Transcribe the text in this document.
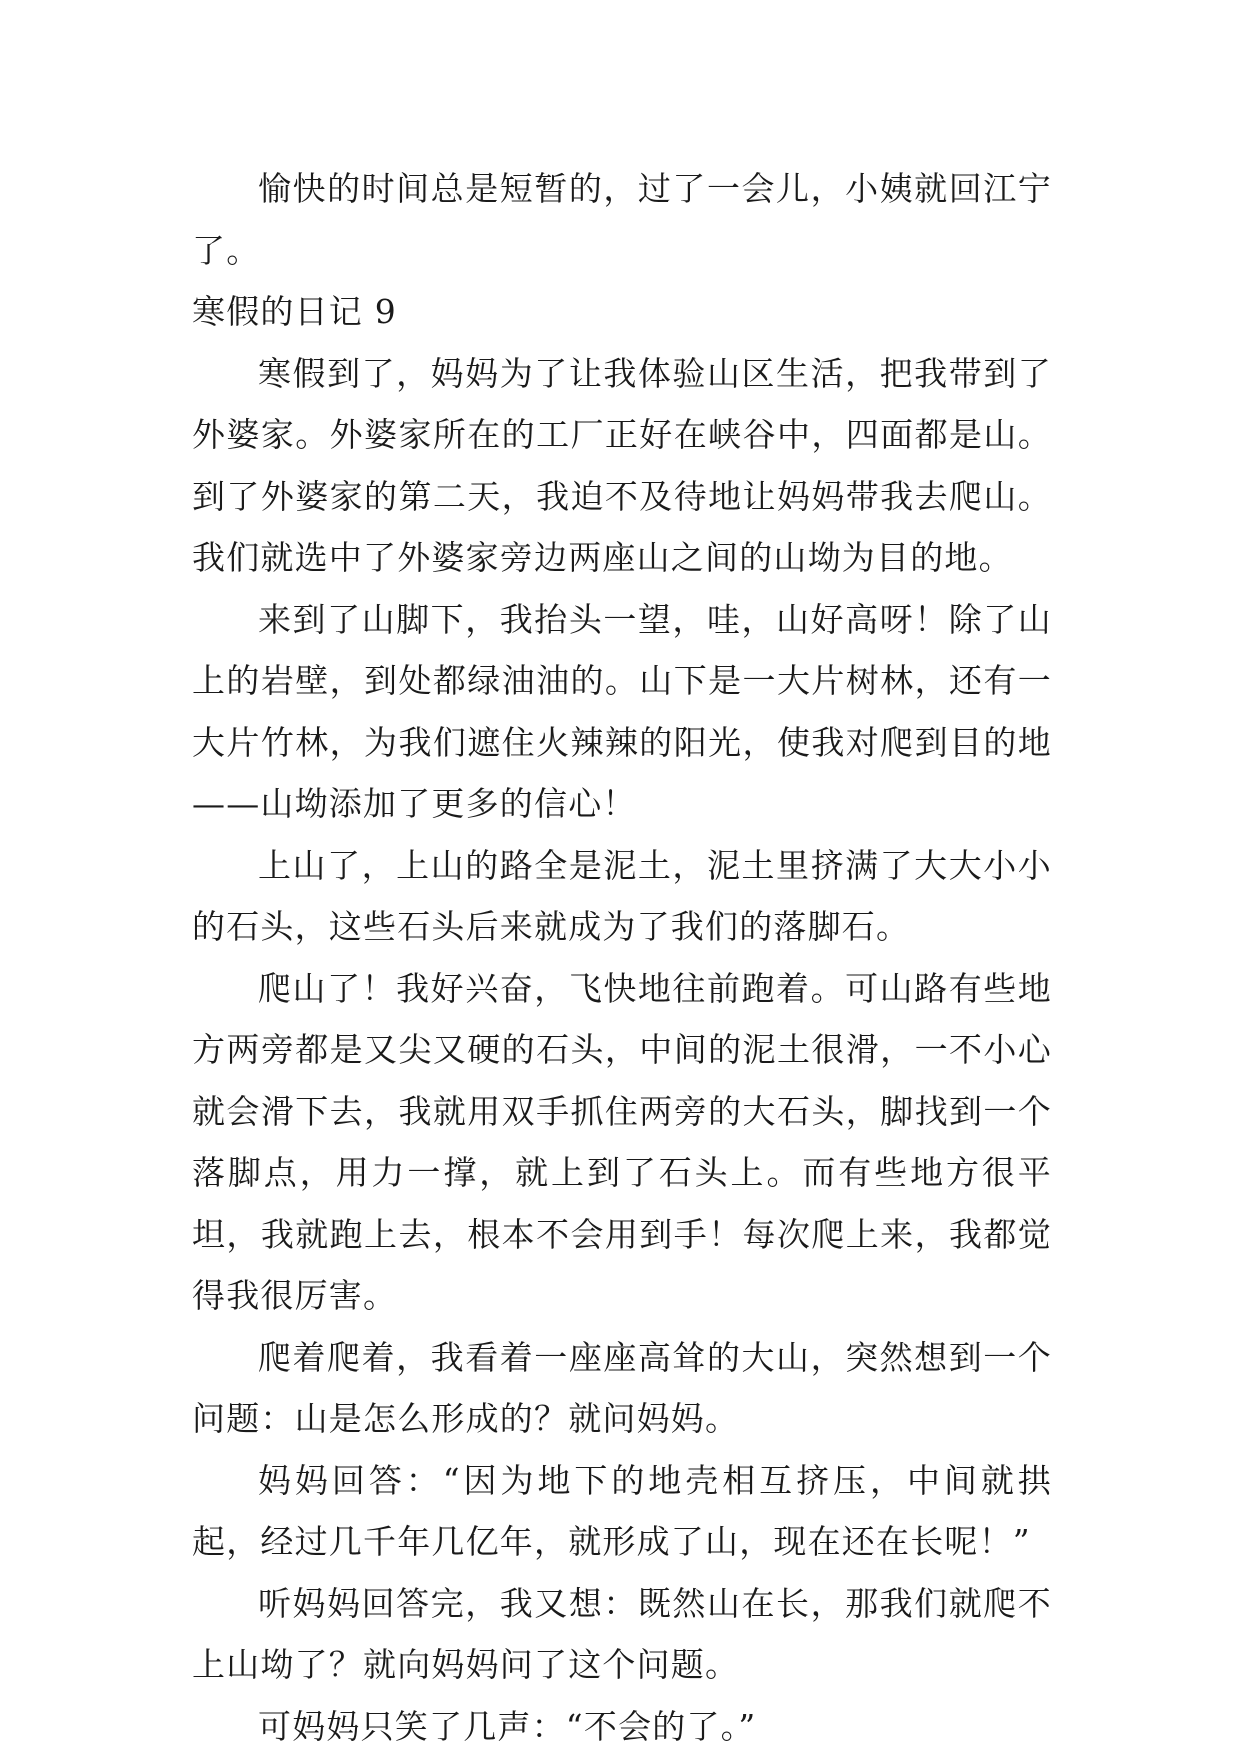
愉快的时间总是短暂的，过了一会儿，小姨就回江宁了。

寒假的日记 9

寒假到了，妈妈为了让我体验山区生活，把我带到了外婆家。外婆家所在的工厂正好在峡谷中，四面都是山。到了外婆家的第二天，我迫不及待地让妈妈带我去爬山。我们就选中了外婆家旁边两座山之间的山坳为目的地。

来到了山脚下，我抬头一望，哇，山好高呀！除了山上的岩壁，到处都绿油油的。山下是一大片树林，还有一大片竹林，为我们遮住火辣辣的阳光，使我对爬到目的地——山坳添加了更多的信心！

上山了，上山的路全是泥土，泥土里挤满了大大小小的石头，这些石头后来就成为了我们的落脚石。

爬山了！我好兴奋，飞快地往前跑着。可山路有些地方两旁都是又尖又硬的石头，中间的泥土很滑，一不小心就会滑下去，我就用双手抓住两旁的大石头，脚找到一个落脚点，用力一撑，就上到了石头上。而有些地方很平坦，我就跑上去，根本不会用到手！每次爬上来，我都觉得我很厉害。

爬着爬着，我看着一座座高耸的大山，突然想到一个问题：山是怎么形成的？就问妈妈。

妈妈回答：“因为地下的地壳相互挤压，中间就拱起，经过几千年几亿年，就形成了山，现在还在长呢！”

听妈妈回答完，我又想：既然山在长，那我们就爬不上山坳了？就向妈妈问了这个问题。

可妈妈只笑了几声：“不会的了。”
